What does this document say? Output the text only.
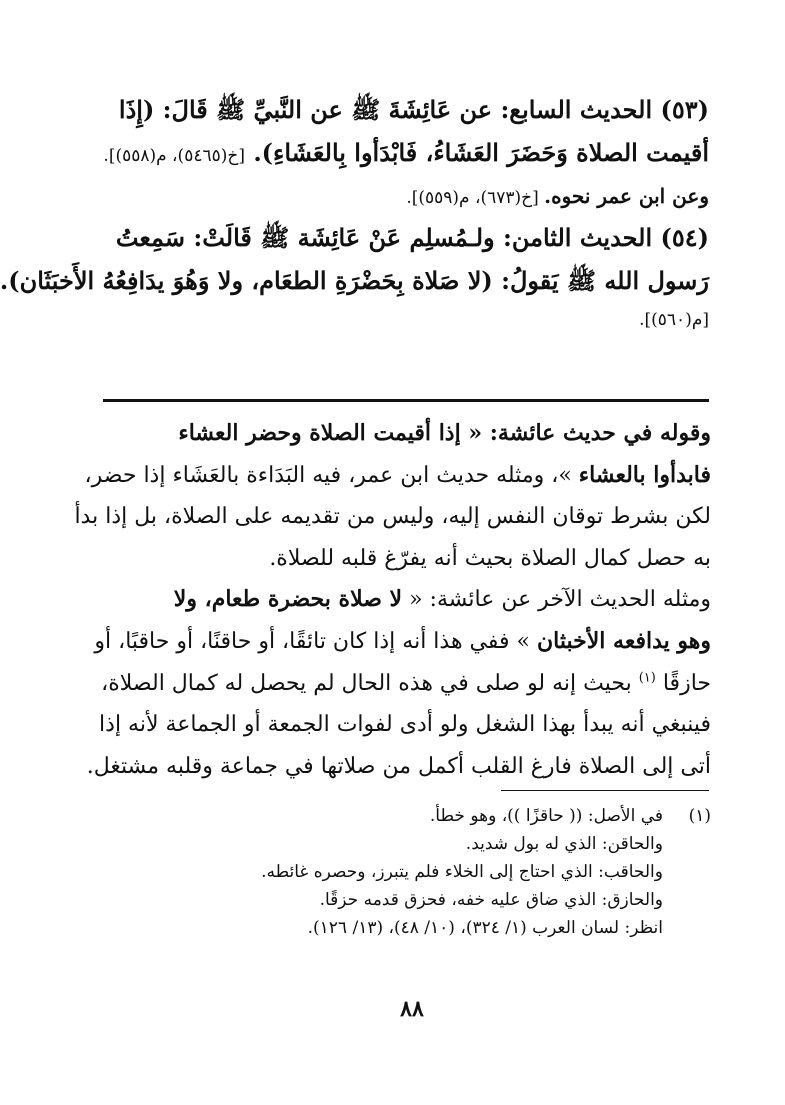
(٥٣) الحديث السابع: عن عَائِشَةَ ﷺ عن النَّبيِّ ﷺ قَالَ: (إِذَا
أقيمت الصلاة وَحَضَرَ العَشَاءُ، فَابْدَأوا بِالعَشَاءِ). [خ(٥٤٦٥)، م(٥٥٨)].
وعن ابن عمر نحوه. [خ(٦٧٣)، م(٥٥٩)].
(٥٤) الحديث الثامن: ولـمُسلِم عَنْ عَائِشَة ﷺ قَالَتْ: سَمِعتُ
رَسول الله ﷺ يَقولُ: (لا صَلاة بِحَضْرَةِ الطعَام، ولا وَهُوَ يدَافِعُهُ الأَخبَثَان).
[م(٥٦٠)].
وقوله في حديث عائشة: « إذا أقيمت الصلاة وحضر العشاء
فابدأوا بالعشاء »، ومثله حديث ابن عمر، فيه البَدَاءة بالعَشَاء إذا حضر،
لكن بشرط توقان النفس إليه، وليس من تقديمه على الصلاة، بل إذا بدأ
به حصل كمال الصلاة بحيث أنه يفرّغ قلبه للصلاة.
ومثله الحديث الآخر عن عائشة: « لا صلاة بحضرة طعام، ولا
وهو يدافعه الأخبثان » ففي هذا أنه إذا كان تائقًا، أو حاقنًا، أو حاقبًا، أو
حازقًا $^{(١)}$ بحيث إنه لو صلى في هذه الحال لم يحصل له كمال الصلاة،
فينبغي أنه يبدأ بهذا الشغل ولو أدى لفوات الجمعة أو الجماعة لأنه إذا
أتى إلى الصلاة فارغ القلب أكمل من صلاتها في جماعة وقلبه مشتغل.
(١)في الأصل: (( حاقزًا ))، وهو خطأ.
والحاقن: الذي له بول شديد.
والحاقب: الذي احتاج إلى الخلاء فلم يتبرز، وحصره غائطه.
والحازق: الذي ضاق عليه خفه، فحزق قدمه حزقًا.
انظر: لسان العرب (١/ ٣٢٤)، (١٠/ ٤٨)، (١٣/ ١٢٦).
٨٨
